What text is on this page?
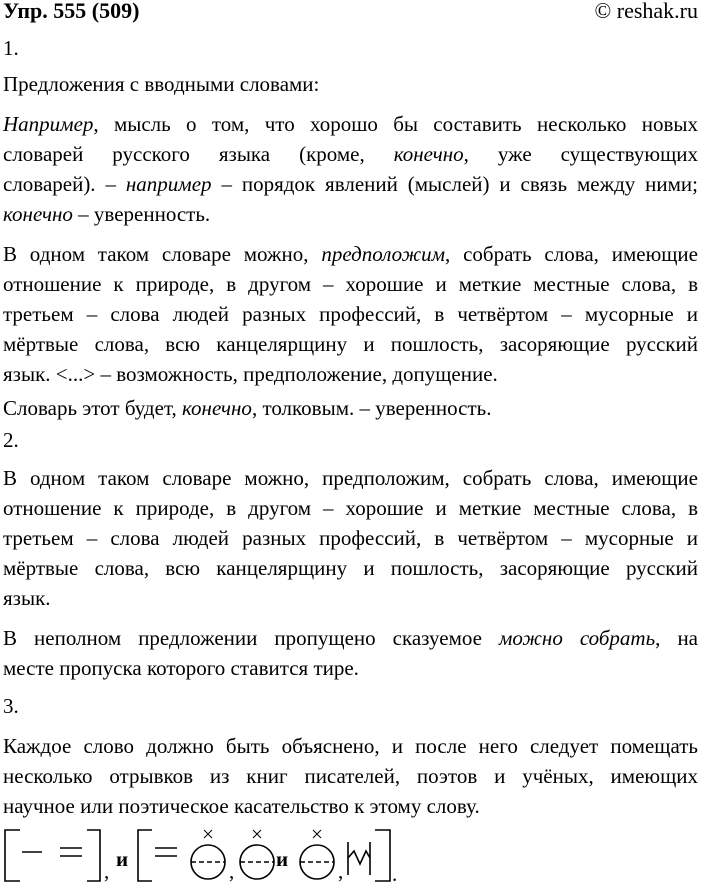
Упр. 555 (509)	© reshak.ru
1.
Предложения с вводными словами:
Например, мысль о том, что хорошо бы составить несколько новых
словарей русского языка (кроме, конечно, уже существующих
словарей). – например – порядок явлений (мыслей) и связь между ними;
конечно – уверенность.
В одном таком словаре можно, предположим, собрать слова, имеющие
отношение к природе, в другом – хорошие и меткие местные слова, в
третьем – слова людей разных профессий, в четвёртом – мусорные и
мёртвые слова, всю канцелярщину и пошлость, засоряющие русский
язык. <...> – возможность, предположение, допущение.
Словарь этот будет, конечно, толковым. – уверенность.
2.
В одном таком словаре можно, предположим, собрать слова, имеющие
отношение к природе, в другом – хорошие и меткие местные слова, в
третьем – слова людей разных профессий, в четвёртом – мусорные и
мёртвые слова, всю канцелярщину и пошлость, засоряющие русский
язык.
В неполном предложении пропущено сказуемое можно собрать, на
месте пропуска которого ставится тире.
3.
Каждое слово должно быть объяснено, и после него следует помещать
несколько отрывков из книг писателей, поэтов и учёных, имеющих
научное или поэтическое касательство к этому слову.
, и	, и , .
